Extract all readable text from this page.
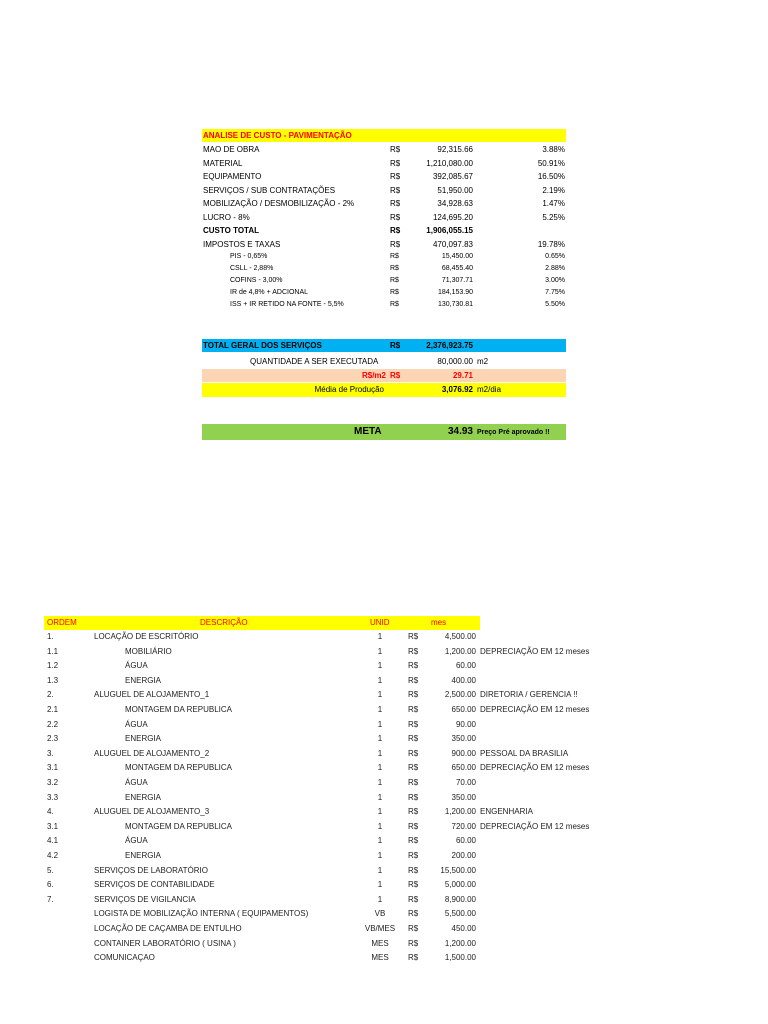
ANALISE DE CUSTO - PAVIMENTAÇÃO
MAO DE OBRA	R$	92,315.66	3.88%
MATERIAL	R$	1,210,080.00	50.91%
EQUIPAMENTO	R$	392,085.67	16.50%
SERVIÇOS / SUB CONTRATAÇÕES	R$	51,950.00	2.19%
MOBILIZAÇÃO / DESMOBILIZAÇÃO - 2%	R$	34,928.63	1.47%
LUCRO - 8%	R$	124,695.20	5.25%
CUSTO TOTAL	R$	1,906,055.15
IMPOSTOS E TAXAS	R$	470,097.83	19.78%
PIS - 0,65%	R$	15,450.00	0.65%
CSLL - 2,88%	R$	68,455.40	2.88%
COFINS - 3,00%	R$	71,307.71	3.00%
IR de 4,8% + ADCIONAL	R$	184,153.90	7.75%
ISS + IR RETIDO NA FONTE - 5,5%	R$	130,730.81	5.50%
TOTAL GERAL DOS SERVIÇOS	R$	2,376,923.75
QUANTIDADE A SER EXECUTADA	80,000.00 m2
R$/m2 R$	29.71
Média de Produção	3,076.92 m2/dia
META	34.93 Preço Pré aprovado !!
ORDEM	DESCRIÇÃO	UNID	mes
1.	LOCAÇÃO DE ESCRITÓRIO	1	R$	4,500.00
1.1	MOBILIÁRIO	1	R$	1,200.00 DEPRECIAÇÃO EM 12 meses
1.2	ÁGUA	1	R$	60.00
1.3	ENERGIA	1	R$	400.00
2.	ALUGUEL DE ALOJAMENTO_1	1	R$	2,500.00 DIRETORIA / GERENCIA !!
2.1	MONTAGEM DA REPUBLICA	1	R$	650.00 DEPRECIAÇÃO EM 12 meses
2.2	ÁGUA	1	R$	90.00
2.3	ENERGIA	1	R$	350.00
3.	ALUGUEL DE ALOJAMENTO_2	1	R$	900.00 PESSOAL DA BRASILIA
3.1	MONTAGEM DA REPUBLICA	1	R$	650.00 DEPRECIAÇÃO EM 12 meses
3.2	ÁGUA	1	R$	70.00
3.3	ENERGIA	1	R$	350.00
4.	ALUGUEL DE ALOJAMENTO_3	1	R$	1,200.00 ENGENHARIA
3.1	MONTAGEM DA REPUBLICA	1	R$	720.00 DEPRECIAÇÃO EM 12 meses
4.1	ÁGUA	1	R$	60.00
4.2	ENERGIA	1	R$	200.00
5.	SERVIÇOS DE LABORATÓRIO	1	R$	15,500.00
6.	SERVIÇOS DE CONTABILIDADE	1	R$	5,000.00
7.	SERVIÇOS DE VIGILANCIA	1	R$	8,900.00
LOGISTA DE MOBILIZAÇÃO INTERNA ( EQUIPAMENTOS)	VB	R$	5,500.00
LOCAÇÃO DE CAÇAMBA DE ENTULHO	VB/MES	R$	450.00
CONTAINER LABORATÓRIO ( USINA )	MES	R$	1,200.00
COMUNICAÇAO	MES	R$	1,500.00
